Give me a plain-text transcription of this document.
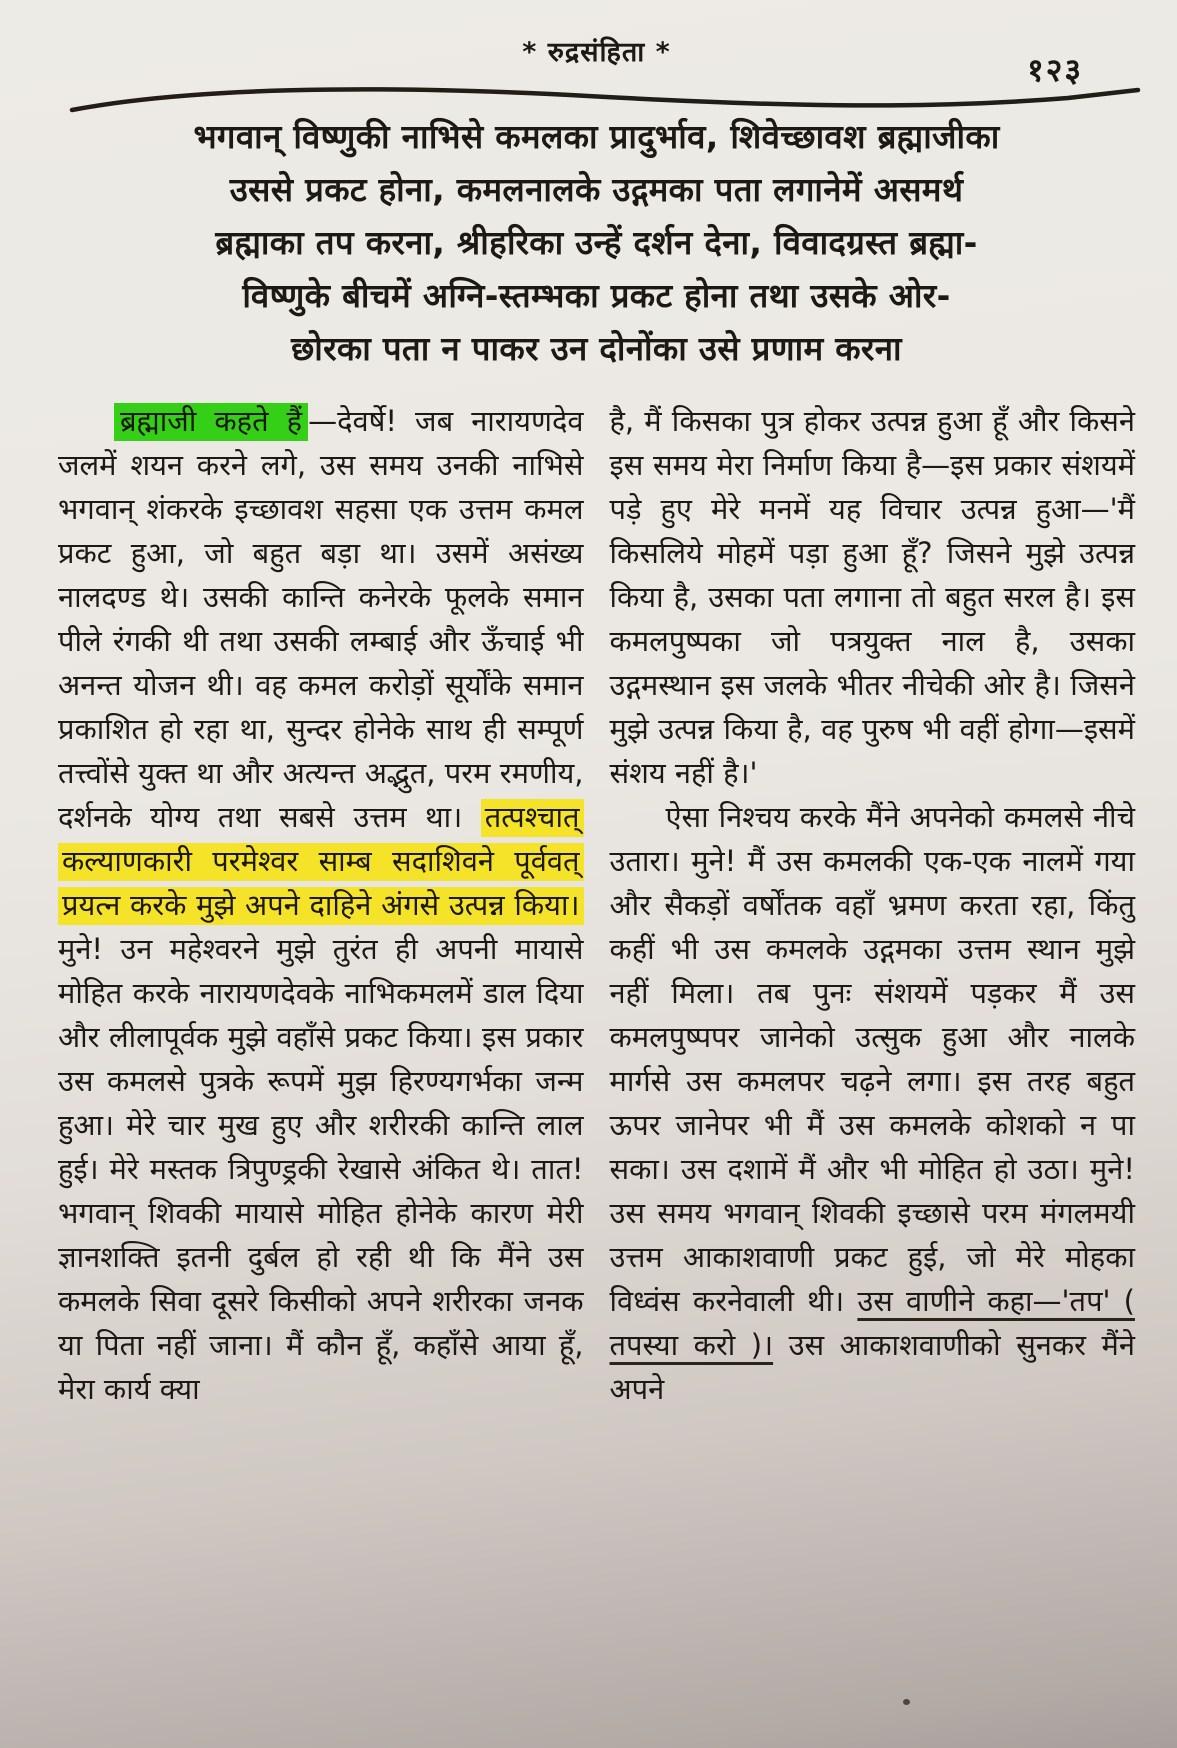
* रुद्रसंहिता *	१२३
भगवान् विष्णुकी नाभिसे कमलका प्रादुर्भाव, शिवेच्छावश ब्रह्माजीका
उससे प्रकट होना, कमलनालके उद्गमका पता लगानेमें असमर्थ
ब्रह्माका तप करना, श्रीहरिका उन्हें दर्शन देना, विवादग्रस्त ब्रह्मा-
विष्णुके बीचमें अग्नि-स्तम्भका प्रकट होना तथा उसके ओर-
छोरका पता न पाकर उन दोनोंका उसे प्रणाम करना

ब्रह्माजी कहते हैं —देवर्षे! जब नारायणदेव जलमें शयन करने लगे, उस समय उनकी नाभिसे भगवान् शंकरके इच्छावश सहसा एक उत्तम कमल प्रकट हुआ, जो बहुत बड़ा था। उसमें असंख्य नालदण्ड थे। उसकी कान्ति कनेरके फूलके समान पीले रंगकी थी तथा उसकी लम्बाई और ऊँचाई भी अनन्त योजन थी। वह कमल करोड़ों सूर्योंके समान प्रकाशित हो रहा था, सुन्दर होनेके साथ ही सम्पूर्ण तत्त्वोंसे युक्त था और अत्यन्त अद्भुत, परम रमणीय, दर्शनके योग्य तथा सबसे उत्तम था। तत्पश्चात् कल्याणकारी परमेश्वर साम्ब सदाशिवने पूर्ववत् प्रयत्न करके मुझे अपने दाहिने अंगसे उत्पन्न किया। मुने! उन महेश्वरने मुझे तुरंत ही अपनी मायासे मोहित करके नारायणदेवके नाभिकमलमें डाल दिया और लीलापूर्वक मुझे वहाँसे प्रकट किया। इस प्रकार उस कमलसे पुत्रके रूपमें मुझ हिरण्यगर्भका जन्म हुआ। मेरे चार मुख हुए और शरीरकी कान्ति लाल हुई। मेरे मस्तक त्रिपुण्ड्रकी रेखासे अंकित थे। तात! भगवान् शिवकी मायासे मोहित होनेके कारण मेरी ज्ञानशक्ति इतनी दुर्बल हो रही थी कि मैंने उस कमलके सिवा दूसरे किसीको अपने शरीरका जनक या पिता नहीं जाना। मैं कौन हूँ, कहाँसे आया हूँ, मेरा कार्य क्या

है, मैं किसका पुत्र होकर उत्पन्न हुआ हूँ और किसने इस समय मेरा निर्माण किया है—इस प्रकार संशयमें पड़े हुए मेरे मनमें यह विचार उत्पन्न हुआ—'मैं किसलिये मोहमें पड़ा हुआ हूँ? जिसने मुझे उत्पन्न किया है, उसका पता लगाना तो बहुत सरल है। इस कमलपुष्पका जो पत्रयुक्त नाल है, उसका उद्गमस्थान इस जलके भीतर नीचेकी ओर है। जिसने मुझे उत्पन्न किया है, वह पुरुष भी वहीं होगा—इसमें संशय नहीं है।'

ऐसा निश्चय करके मैंने अपनेको कमलसे नीचे उतारा। मुने! मैं उस कमलकी एक-एक नालमें गया और सैकड़ों वर्षोंतक वहाँ भ्रमण करता रहा, किंतु कहीं भी उस कमलके उद्गमका उत्तम स्थान मुझे नहीं मिला। तब पुनः संशयमें पड़कर मैं उस कमलपुष्पपर जानेको उत्सुक हुआ और नालके मार्गसे उस कमलपर चढ़ने लगा। इस तरह बहुत ऊपर जानेपर भी मैं उस कमलके कोशको न पा सका। उस दशामें मैं और भी मोहित हो उठा। मुने! उस समय भगवान् शिवकी इच्छासे परम मंगलमयी उत्तम आकाशवाणी प्रकट हुई, जो मेरे मोहका विध्वंस करनेवाली थी। उस वाणीने कहा—'तप' ( तपस्या करो )। उस आकाशवाणीको सुनकर मैंने अपने
